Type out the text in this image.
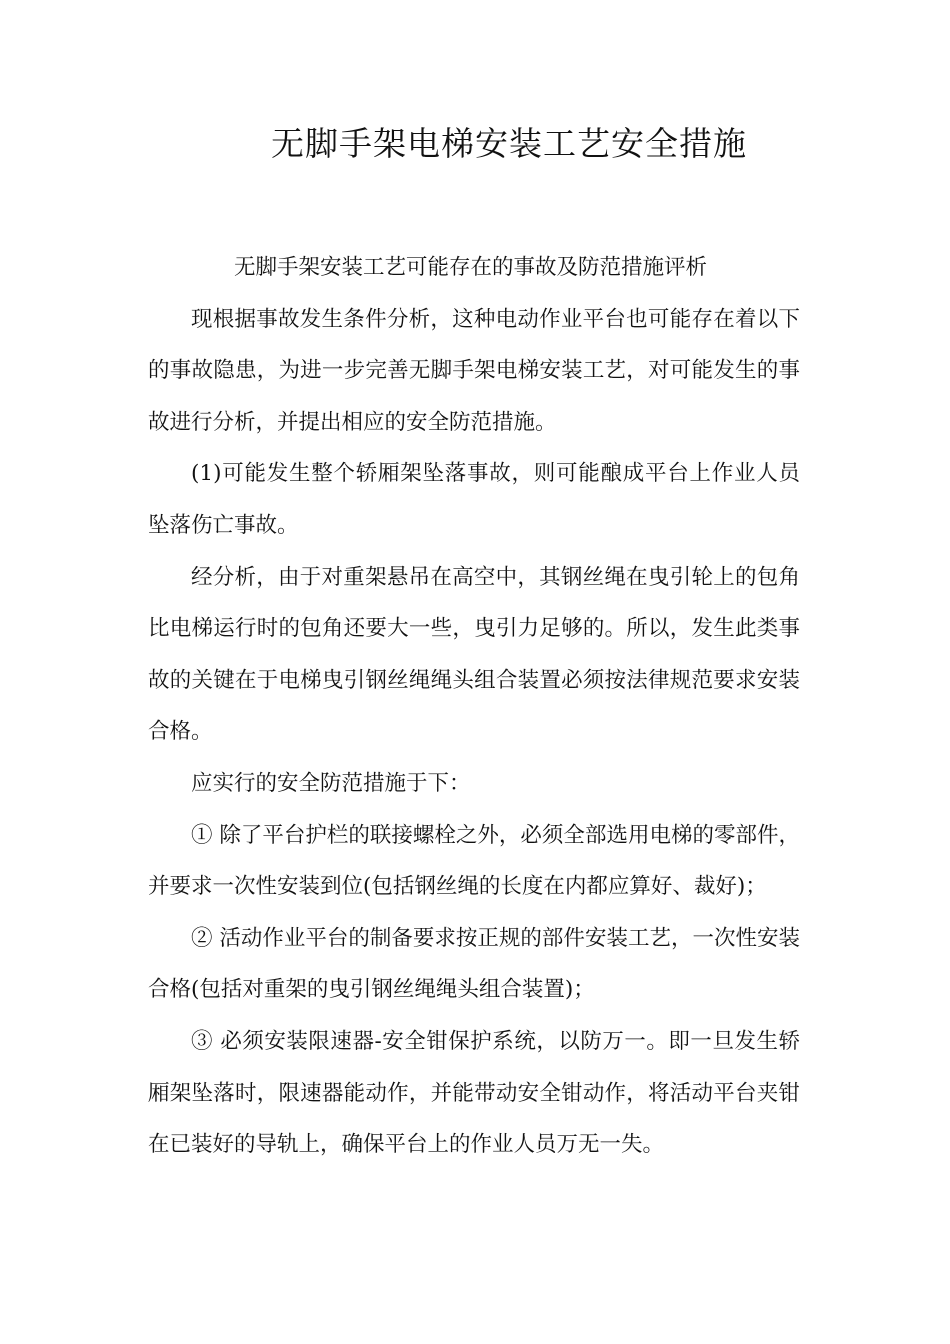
无脚手架电梯安装工艺安全措施

无脚手架安装工艺可能存在的事故及防范措施评析

现根据事故发生条件分析，这种电动作业平台也可能存在着以下的事故隐患，为进一步完善无脚手架电梯安装工艺，对可能发生的事故进行分析，并提出相应的安全防范措施。

(1)可能发生整个轿厢架坠落事故，则可能酿成平台上作业人员坠落伤亡事故。

经分析，由于对重架悬吊在高空中，其钢丝绳在曳引轮上的包角比电梯运行时的包角还要大一些，曳引力足够的。所以，发生此类事故的关键在于电梯曳引钢丝绳绳头组合装置必须按法律规范要求安装合格。

应实行的安全防范措施于下：

① 除了平台护栏的联接螺栓之外，必须全部选用电梯的零部件，并要求一次性安装到位(包括钢丝绳的长度在内都应算好、裁好)；

② 活动作业平台的制备要求按正规的部件安装工艺，一次性安装合格(包括对重架的曳引钢丝绳绳头组合装置)；

③ 必须安装限速器-安全钳保护系统，以防万一。即一旦发生轿厢架坠落时，限速器能动作，并能带动安全钳动作，将活动平台夹钳在已装好的导轨上，确保平台上的作业人员万无一失。
